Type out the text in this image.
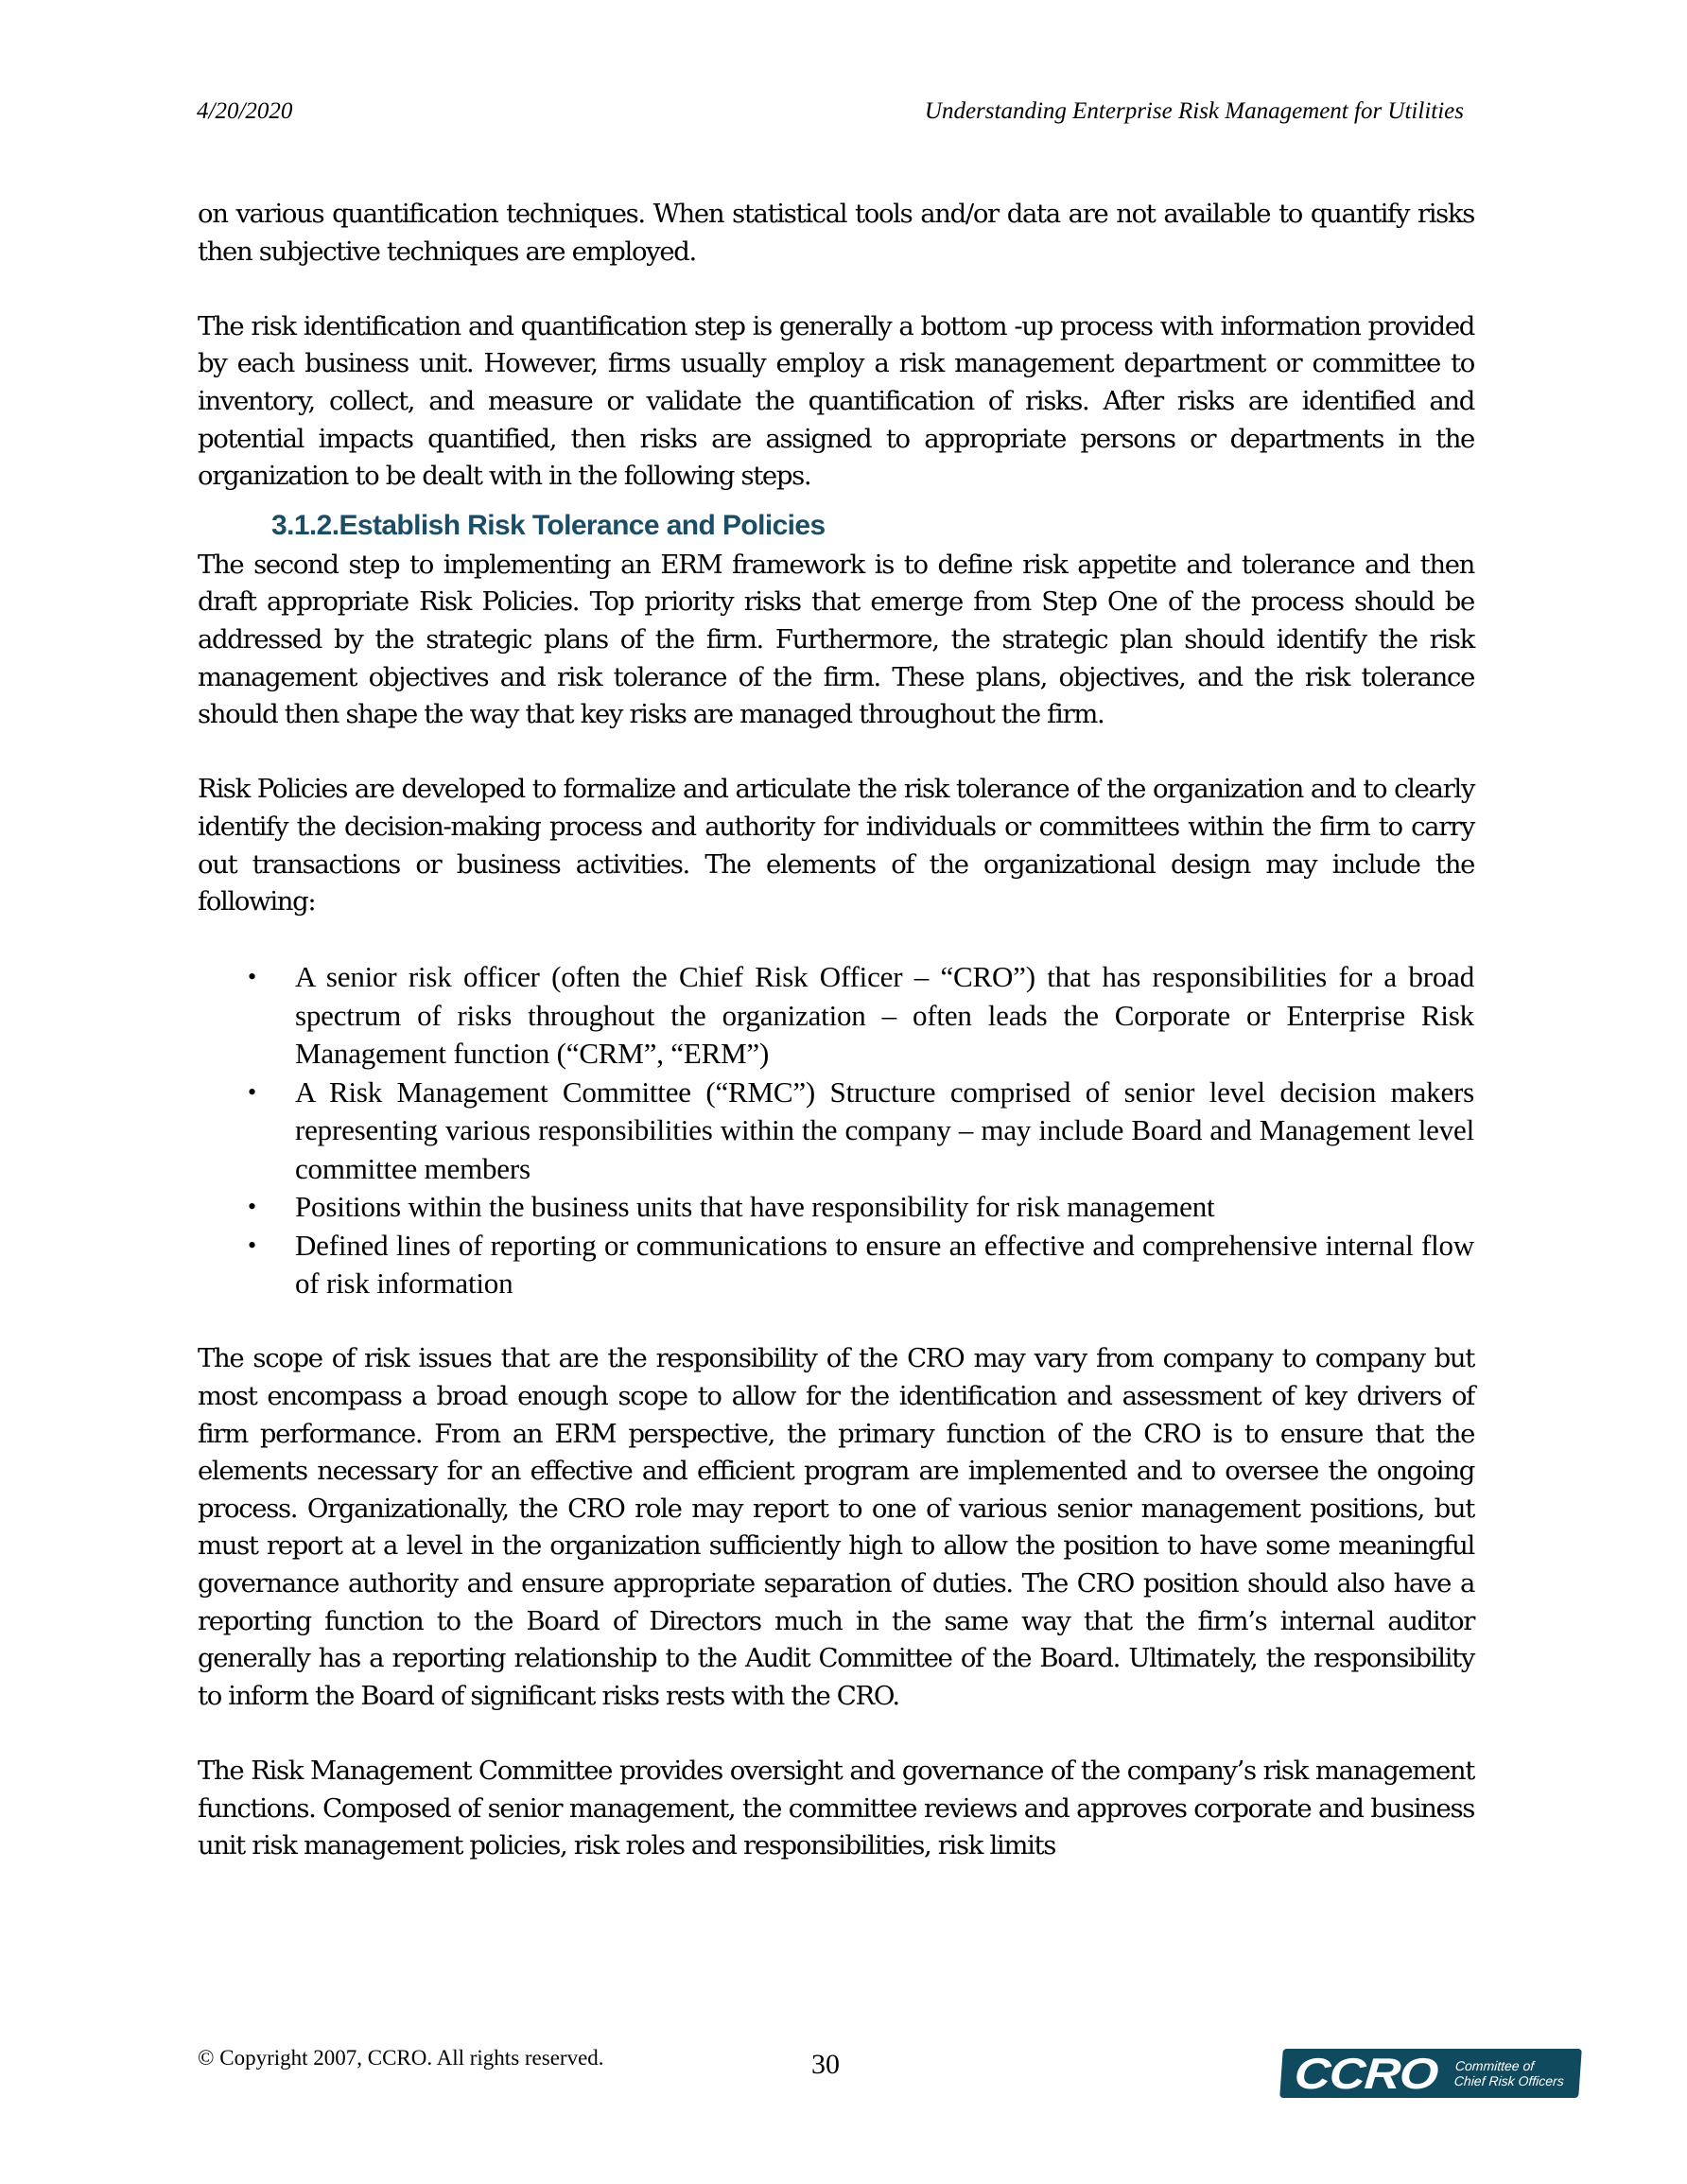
4/20/2020	Understanding Enterprise Risk Management for Utilities

on various quantification techniques. When statistical tools and/or data are not available to quantify risks then subjective techniques are employed.

The risk identification and quantification step is generally a bottom -up process with information provided by each business unit. However, firms usually employ a risk management department or committee to inventory, collect, and measure or validate the quantification of risks. After risks are identified and potential impacts quantified, then risks are assigned to appropriate persons or departments in the organization to be dealt with in the following steps.

3.1.2.Establish Risk Tolerance and Policies

The second step to implementing an ERM framework is to define risk appetite and tolerance and then draft appropriate Risk Policies. Top priority risks that emerge from Step One of the process should be addressed by the strategic plans of the firm. Furthermore, the strategic plan should identify the risk management objectives and risk tolerance of the firm. These plans, objectives, and the risk tolerance should then shape the way that key risks are managed throughout the firm.

Risk Policies are developed to formalize and articulate the risk tolerance of the organization and to clearly identify the decision-making process and authority for individuals or committees within the firm to carry out transactions or business activities. The elements of the organizational design may include the following:

• A senior risk officer (often the Chief Risk Officer – “CRO”) that has responsibilities for a broad spectrum of risks throughout the organization – often leads the Corporate or Enterprise Risk Management function (“CRM”, “ERM”)
• A Risk Management Committee (“RMC”) Structure comprised of senior level decision makers representing various responsibilities within the company – may include Board and Management level committee members
• Positions within the business units that have responsibility for risk management
• Defined lines of reporting or communications to ensure an effective and comprehensive internal flow of risk information

The scope of risk issues that are the responsibility of the CRO may vary from company to company but most encompass a broad enough scope to allow for the identification and assessment of key drivers of firm performance. From an ERM perspective, the primary function of the CRO is to ensure that the elements necessary for an effective and efficient program are implemented and to oversee the ongoing process. Organizationally, the CRO role may report to one of various senior management positions, but must report at a level in the organization sufficiently high to allow the position to have some meaningful governance authority and ensure appropriate separation of duties. The CRO position should also have a reporting function to the Board of Directors much in the same way that the firm’s internal auditor generally has a reporting relationship to the Audit Committee of the Board. Ultimately, the responsibility to inform the Board of significant risks rests with the CRO.

The Risk Management Committee provides oversight and governance of the company’s risk management functions. Composed of senior management, the committee reviews and approves corporate and business unit risk management policies, risk roles and responsibilities, risk limits

© Copyright 2007, CCRO. All rights reserved.	30	CCRO Committee of
Chief Risk Officers
